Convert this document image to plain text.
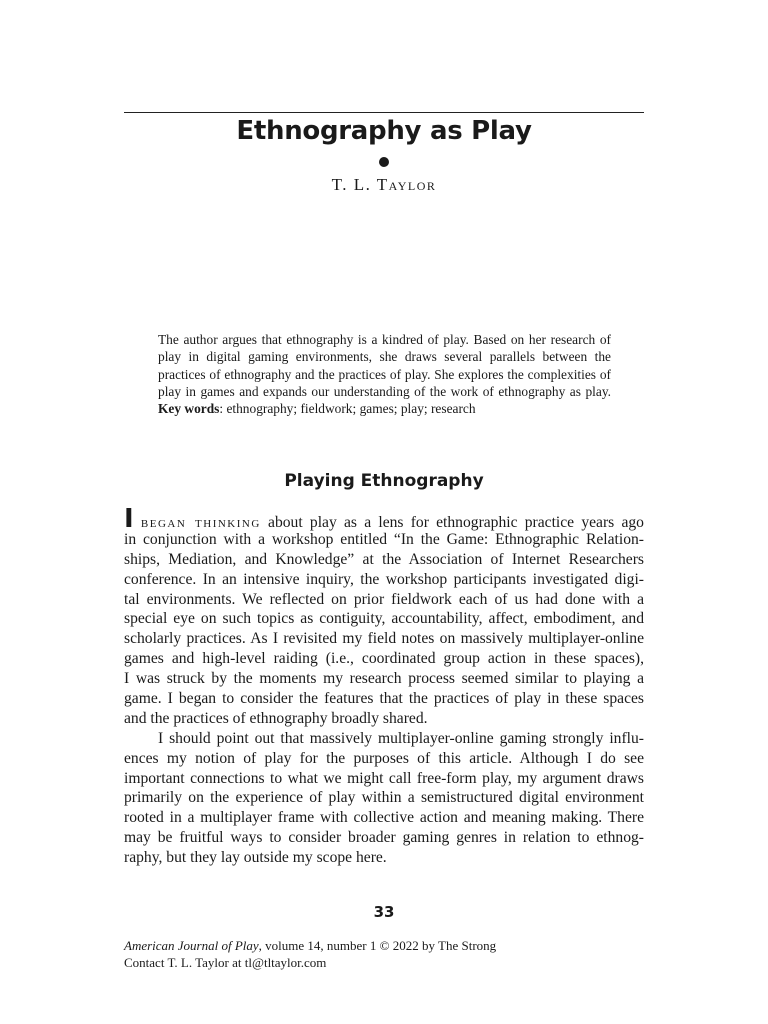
Ethnography as Play
T. L. Taylor
The author argues that ethnography is a kindred of play. Based on her research of play in digital gaming environments, she draws several parallels between the practices of ethnography and the practices of play. She explores the complexities of play in games and expands our understanding of the work of ethnography as play. Key words: ethnography; fieldwork; games; play; research
Playing Ethnography
I began thinking about play as a lens for ethnographic practice years ago
in conjunction with a workshop entitled “In the Game: Ethnographic Relation-
ships, Mediation, and Knowledge” at the Association of Internet Researchers
conference. In an intensive inquiry, the workshop participants investigated digi-
tal environments. We reflected on prior fieldwork each of us had done with a
special eye on such topics as contiguity, accountability, affect, embodiment, and
scholarly practices. As I revisited my field notes on massively multiplayer-online
games and high-level raiding (i.e., coordinated group action in these spaces),
I was struck by the moments my research process seemed similar to playing a
game. I began to consider the features that the practices of play in these spaces
and the practices of ethnography broadly shared.
I should point out that massively multiplayer-online gaming strongly influ-
ences my notion of play for the purposes of this article. Although I do see
important connections to what we might call free-form play, my argument draws
primarily on the experience of play within a semistructured digital environment
rooted in a multiplayer frame with collective action and meaning making. There
may be fruitful ways to consider broader gaming genres in relation to ethnog-
raphy, but they lay outside my scope here.
33
American Journal of Play, volume 14, number 1 © 2022 by The Strong
Contact T. L. Taylor at tl@tltaylor.com
